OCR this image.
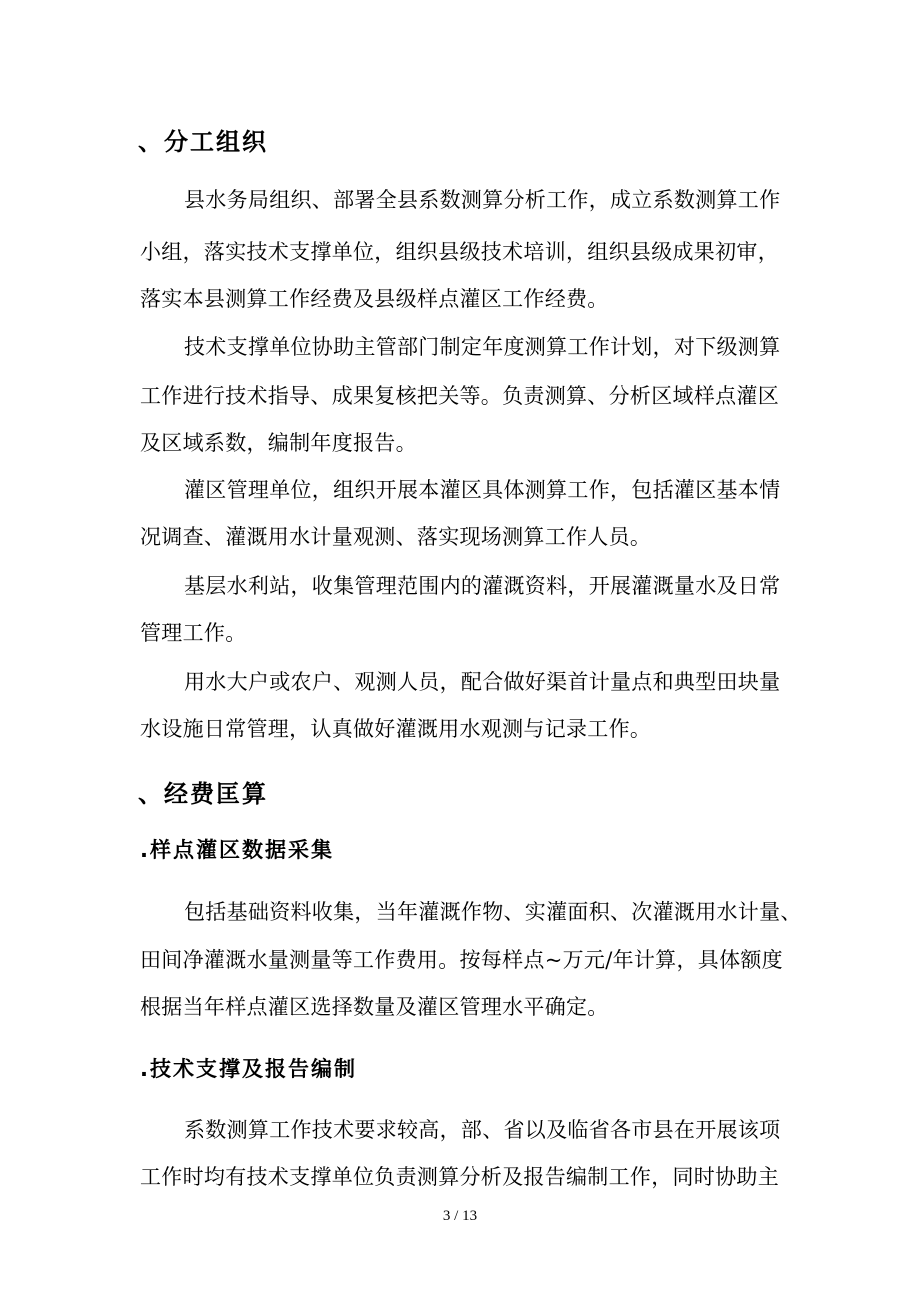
、分工组织
县水务局组织、部署全县系数测算分析工作，成立系数测算工作
小组，落实技术支撑单位，组织县级技术培训，组织县级成果初审，
落实本县测算工作经费及县级样点灌区工作经费。
技术支撑单位协助主管部门制定年度测算工作计划，对下级测算
工作进行技术指导、成果复核把关等。负责测算、分析区域样点灌区
及区域系数，编制年度报告。
灌区管理单位，组织开展本灌区具体测算工作，包括灌区基本情
况调查、灌溉用水计量观测、落实现场测算工作人员。
基层水利站，收集管理范围内的灌溉资料，开展灌溉量水及日常
管理工作。
用水大户或农户、观测人员，配合做好渠首计量点和典型田块量
水设施日常管理，认真做好灌溉用水观测与记录工作。
、经费匡算
.样点灌区数据采集
包括基础资料收集，当年灌溉作物、实灌面积、次灌溉用水计量、
田间净灌溉水量测量等工作费用。按每样点~万元/年计算，具体额度
根据当年样点灌区选择数量及灌区管理水平确定。
.技术支撑及报告编制
系数测算工作技术要求较高，部、省以及临省各市县在开展该项
工作时均有技术支撑单位负责测算分析及报告编制工作，同时协助主
3 / 13
